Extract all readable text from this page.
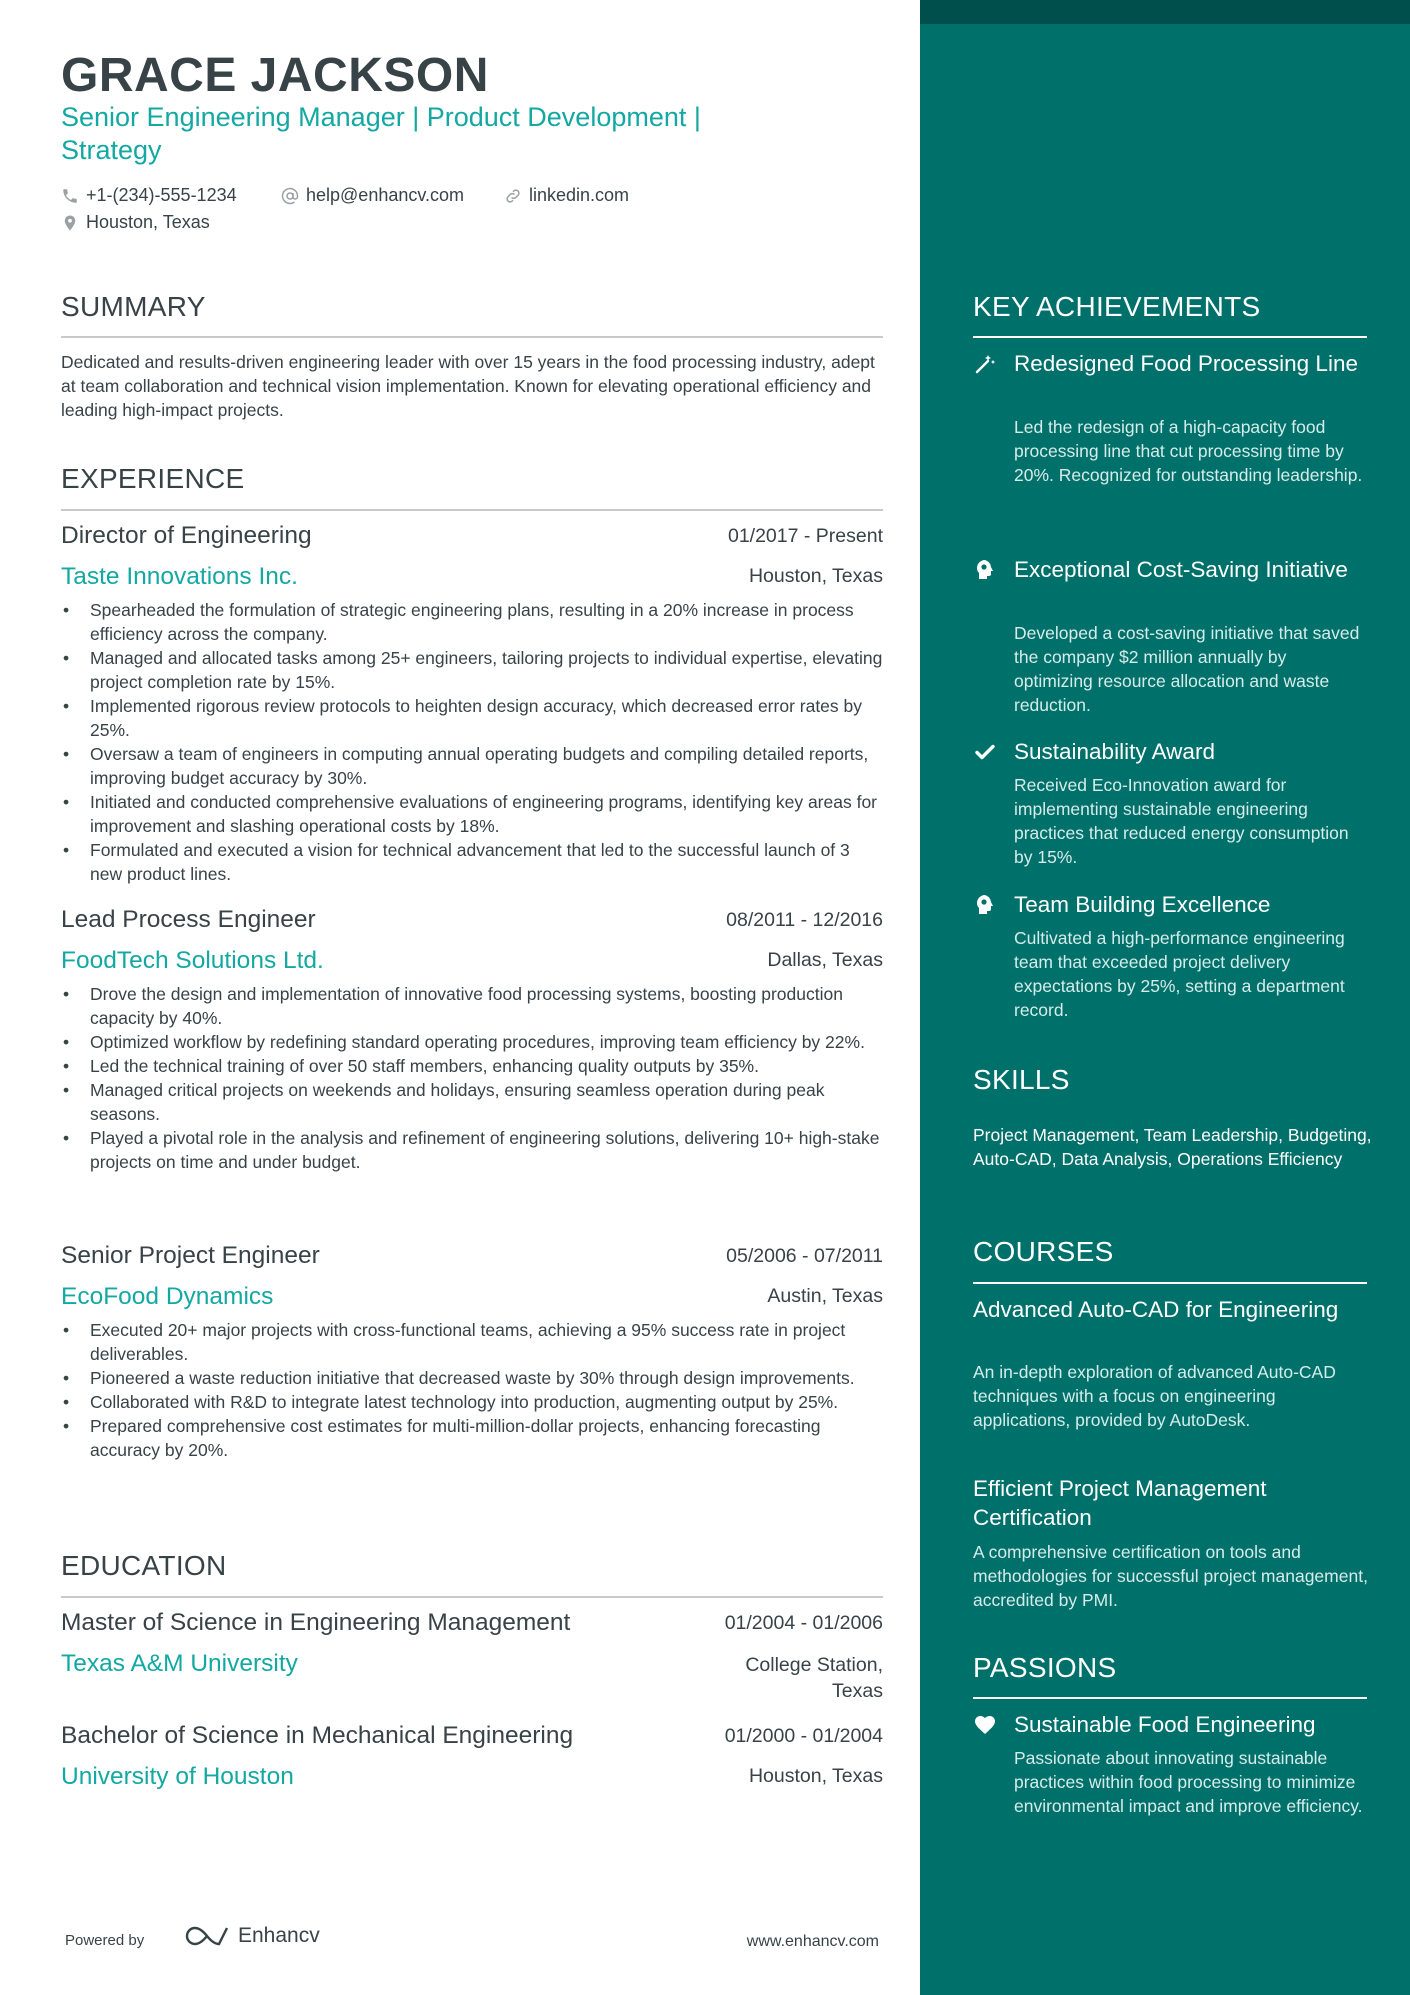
GRACE JACKSON
Senior Engineering Manager | Product Development | Strategy
+1-(234)-555-1234	help@enhancv.com	linkedin.com
Houston, Texas
SUMMARY
Dedicated and results-driven engineering leader with over 15 years in the food processing industry, adept at team collaboration and technical vision implementation. Known for elevating operational efficiency and leading high-impact projects.
EXPERIENCE
Director of Engineering	01/2017 - Present
Taste Innovations Inc.	Houston, Texas
• Spearheaded the formulation of strategic engineering plans, resulting in a 20% increase in process efficiency across the company.
• Managed and allocated tasks among 25+ engineers, tailoring projects to individual expertise, elevating project completion rate by 15%.
• Implemented rigorous review protocols to heighten design accuracy, which decreased error rates by 25%.
• Oversaw a team of engineers in computing annual operating budgets and compiling detailed reports, improving budget accuracy by 30%.
• Initiated and conducted comprehensive evaluations of engineering programs, identifying key areas for improvement and slashing operational costs by 18%.
• Formulated and executed a vision for technical advancement that led to the successful launch of 3 new product lines.
Lead Process Engineer	08/2011 - 12/2016
FoodTech Solutions Ltd.	Dallas, Texas
• Drove the design and implementation of innovative food processing systems, boosting production capacity by 40%.
• Optimized workflow by redefining standard operating procedures, improving team efficiency by 22%.
• Led the technical training of over 50 staff members, enhancing quality outputs by 35%.
• Managed critical projects on weekends and holidays, ensuring seamless operation during peak seasons.
• Played a pivotal role in the analysis and refinement of engineering solutions, delivering 10+ high-stake projects on time and under budget.
Senior Project Engineer	05/2006 - 07/2011
EcoFood Dynamics	Austin, Texas
• Executed 20+ major projects with cross-functional teams, achieving a 95% success rate in project deliverables.
• Pioneered a waste reduction initiative that decreased waste by 30% through design improvements.
• Collaborated with R&D to integrate latest technology into production, augmenting output by 25%.
• Prepared comprehensive cost estimates for multi-million-dollar projects, enhancing forecasting accuracy by 20%.
EDUCATION
Master of Science in Engineering Management	01/2004 - 01/2006
Texas A&M University	College Station,
Texas
Bachelor of Science in Mechanical Engineering	01/2000 - 01/2004
University of Houston	Houston, Texas
Powered by	Enhancv	www.enhancv.com
KEY ACHIEVEMENTS
Redesigned Food Processing Line
Led the redesign of a high-capacity food processing line that cut processing time by 20%. Recognized for outstanding leadership.
Exceptional Cost-Saving Initiative
Developed a cost-saving initiative that saved the company $2 million annually by optimizing resource allocation and waste reduction.
Sustainability Award
Received Eco-Innovation award for implementing sustainable engineering practices that reduced energy consumption by 15%.
Team Building Excellence
Cultivated a high-performance engineering team that exceeded project delivery expectations by 25%, setting a department record.
SKILLS
Project Management, Team Leadership, Budgeting, Auto-CAD, Data Analysis, Operations Efficiency
COURSES
Advanced Auto-CAD for Engineering
An in-depth exploration of advanced Auto-CAD techniques with a focus on engineering applications, provided by AutoDesk.
Efficient Project Management Certification
A comprehensive certification on tools and methodologies for successful project management, accredited by PMI.
PASSIONS
Sustainable Food Engineering
Passionate about innovating sustainable practices within food processing to minimize environmental impact and improve efficiency.
